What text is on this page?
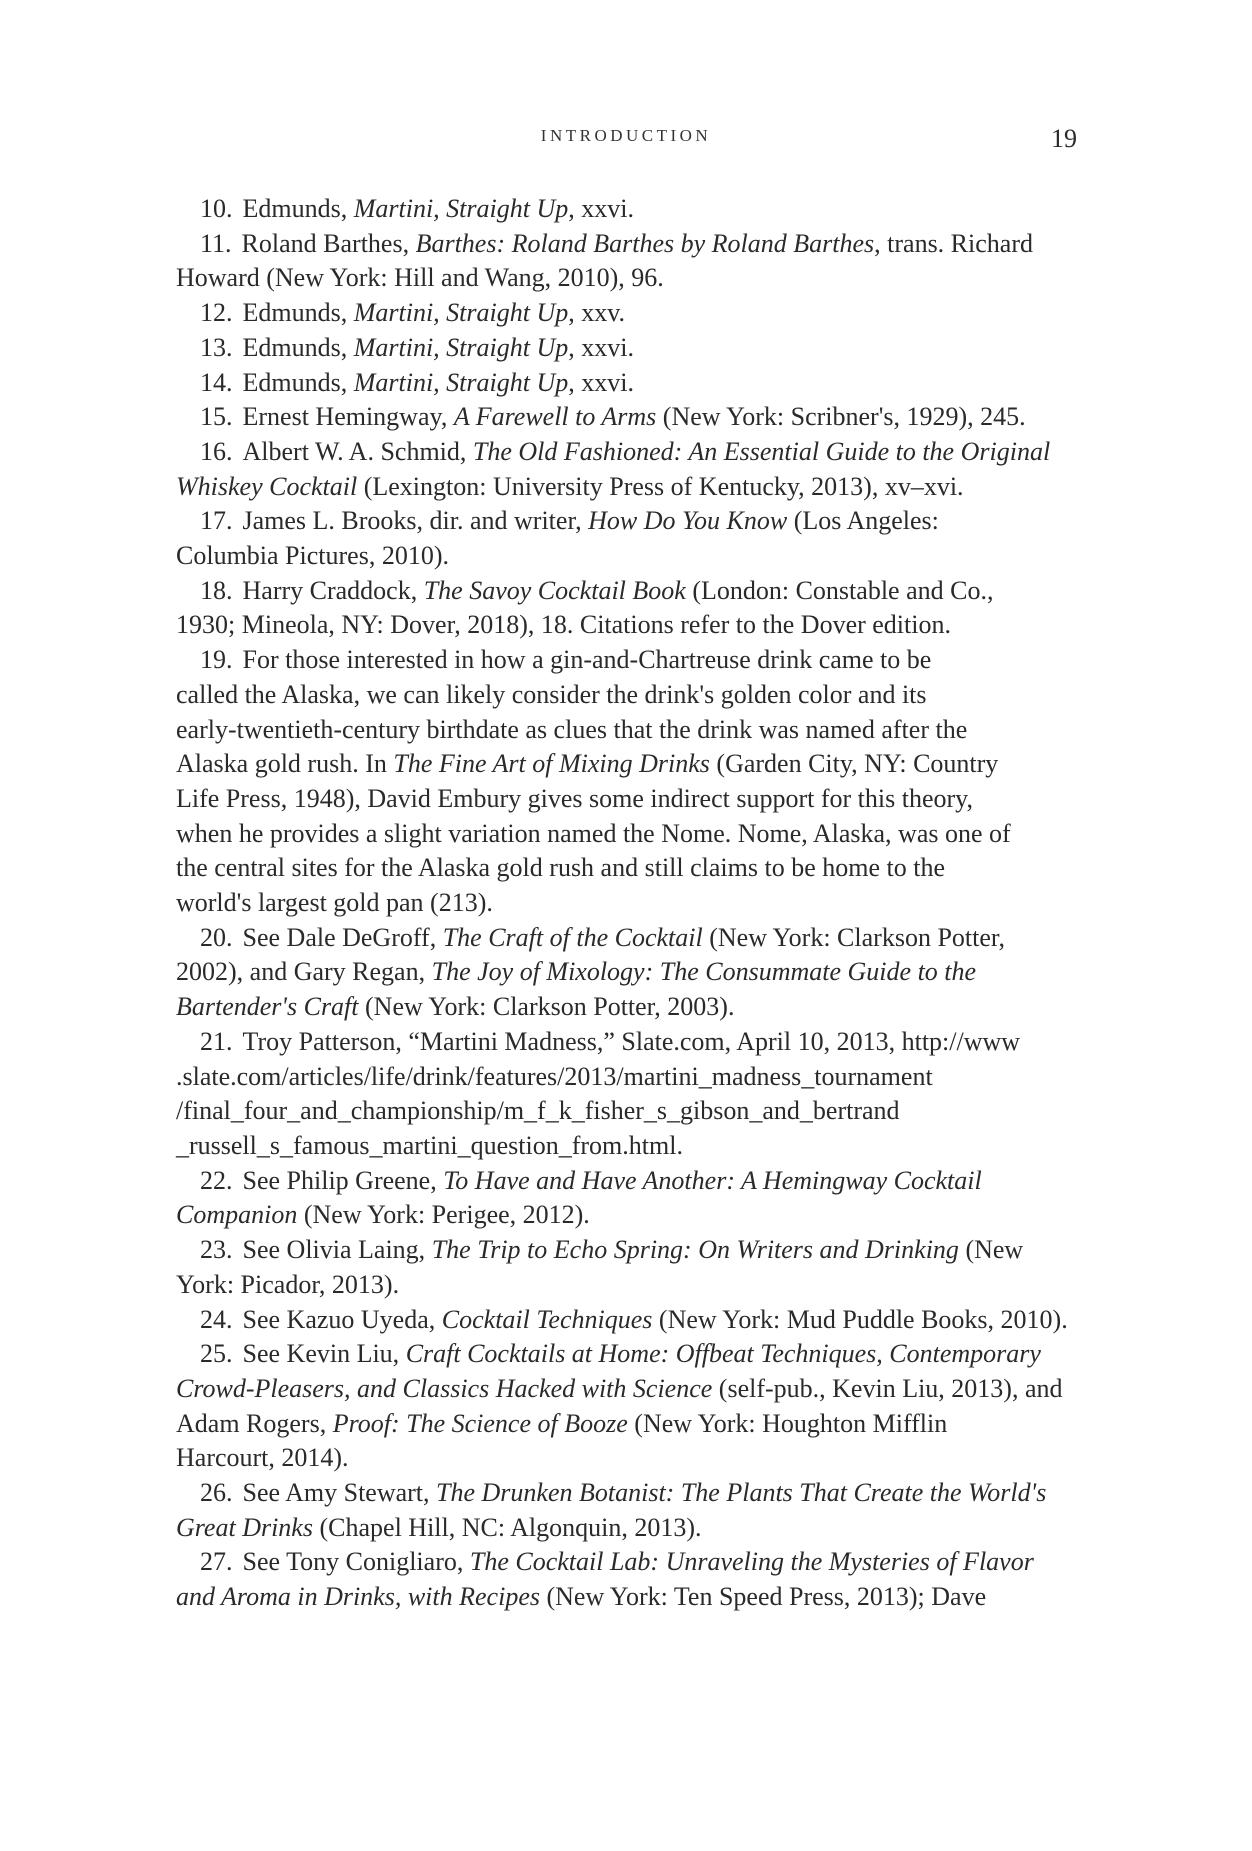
INTRODUCTION	19
10. Edmunds, Martini, Straight Up, xxvi.
11. Roland Barthes, Barthes: Roland Barthes by Roland Barthes, trans. Richard
Howard (New York: Hill and Wang, 2010), 96.
12. Edmunds, Martini, Straight Up, xxv.
13. Edmunds, Martini, Straight Up, xxvi.
14. Edmunds, Martini, Straight Up, xxvi.
15. Ernest Hemingway, A Farewell to Arms (New York: Scribner's, 1929), 245.
16. Albert W. A. Schmid, The Old Fashioned: An Essential Guide to the Original
Whiskey Cocktail (Lexington: University Press of Kentucky, 2013), xv–xvi.
17. James L. Brooks, dir. and writer, How Do You Know (Los Angeles:
Columbia Pictures, 2010).
18. Harry Craddock, The Savoy Cocktail Book (London: Constable and Co.,
1930; Mineola, NY: Dover, 2018), 18. Citations refer to the Dover edition.
19. For those interested in how a gin-and-Chartreuse drink came to be
called the Alaska, we can likely consider the drink's golden color and its
early-twentieth-century birthdate as clues that the drink was named after the
Alaska gold rush. In The Fine Art of Mixing Drinks (Garden City, NY: Country
Life Press, 1948), David Embury gives some indirect support for this theory,
when he provides a slight variation named the Nome. Nome, Alaska, was one of
the central sites for the Alaska gold rush and still claims to be home to the
world's largest gold pan (213).
20. See Dale DeGroff, The Craft of the Cocktail (New York: Clarkson Potter,
2002), and Gary Regan, The Joy of Mixology: The Consummate Guide to the
Bartender's Craft (New York: Clarkson Potter, 2003).
21. Troy Patterson, “Martini Madness,” Slate.com, April 10, 2013, http://www
.slate.com/articles/life/drink/features/2013/martini_madness_tournament
/final_four_and_championship/m_f_k_fisher_s_gibson_and_bertrand
_russell_s_famous_martini_question_from.html.
22. See Philip Greene, To Have and Have Another: A Hemingway Cocktail
Companion (New York: Perigee, 2012).
23. See Olivia Laing, The Trip to Echo Spring: On Writers and Drinking (New
York: Picador, 2013).
24. See Kazuo Uyeda, Cocktail Techniques (New York: Mud Puddle Books, 2010).
25. See Kevin Liu, Craft Cocktails at Home: Offbeat Techniques, Contemporary
Crowd-Pleasers, and Classics Hacked with Science (self-pub., Kevin Liu, 2013), and
Adam Rogers, Proof: The Science of Booze (New York: Houghton Mifflin
Harcourt, 2014).
26. See Amy Stewart, The Drunken Botanist: The Plants That Create the World's
Great Drinks (Chapel Hill, NC: Algonquin, 2013).
27. See Tony Conigliaro, The Cocktail Lab: Unraveling the Mysteries of Flavor
and Aroma in Drinks, with Recipes (New York: Ten Speed Press, 2013); Dave
